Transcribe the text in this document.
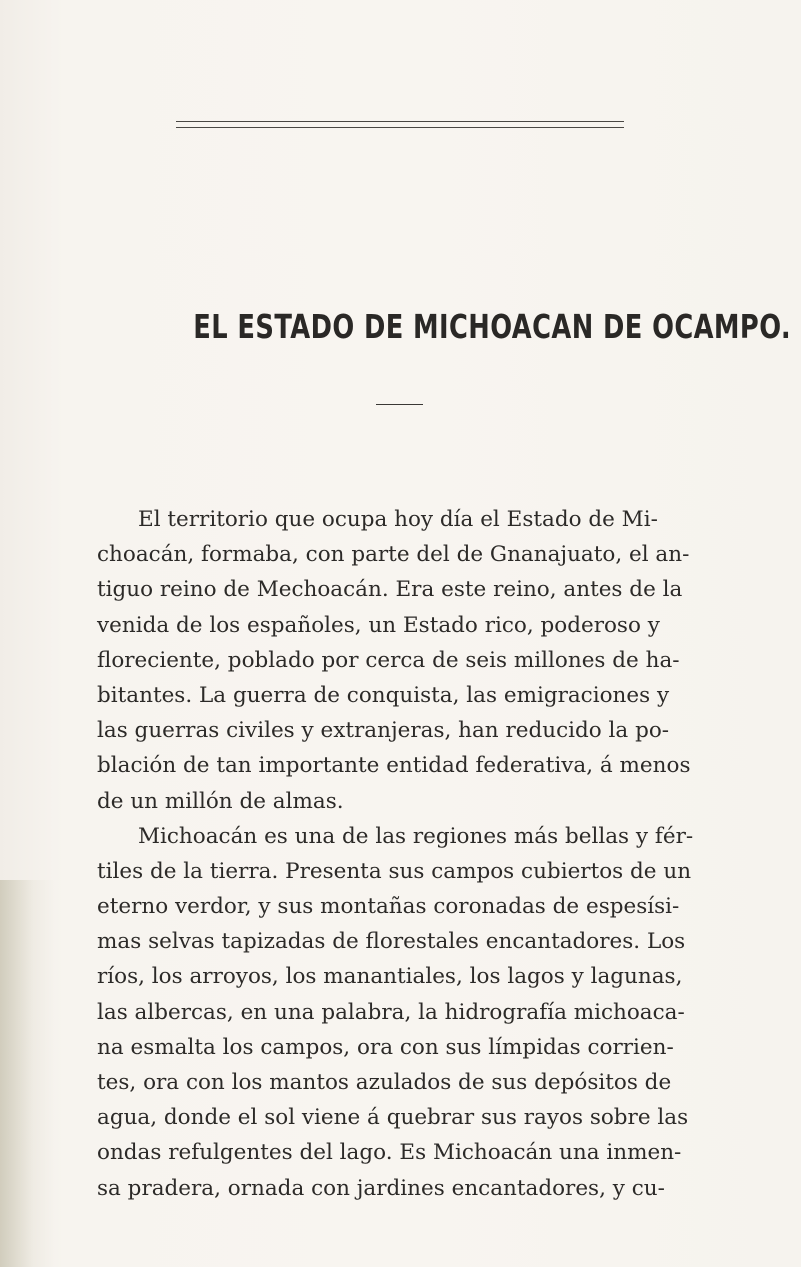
EL ESTADO DE MICHOACAN DE OCAMPO.
El territorio que ocupa hoy día el Estado de Mi-
choacán, formaba, con parte del de Gnanajuato, el an-
tiguo reino de Mechoacán. Era este reino, antes de la
venida de los españoles, un Estado rico, poderoso y
floreciente, poblado por cerca de seis millones de ha-
bitantes. La guerra de conquista, las emigraciones y
las guerras civiles y extranjeras, han reducido la po-
blación de tan importante entidad federativa, á menos
de un millón de almas.
Michoacán es una de las regiones más bellas y fér-
tiles de la tierra. Presenta sus campos cubiertos de un
eterno verdor, y sus montañas coronadas de espesísi-
mas selvas tapizadas de florestales encantadores. Los
ríos, los arroyos, los manantiales, los lagos y lagunas,
las albercas, en una palabra, la hidrografía michoaca-
na esmalta los campos, ora con sus límpidas corrien-
tes, ora con los mantos azulados de sus depósitos de
agua, donde el sol viene á quebrar sus rayos sobre las
ondas refulgentes del lago. Es Michoacán una inmen-
sa pradera, ornada con jardines encantadores, y cu-
